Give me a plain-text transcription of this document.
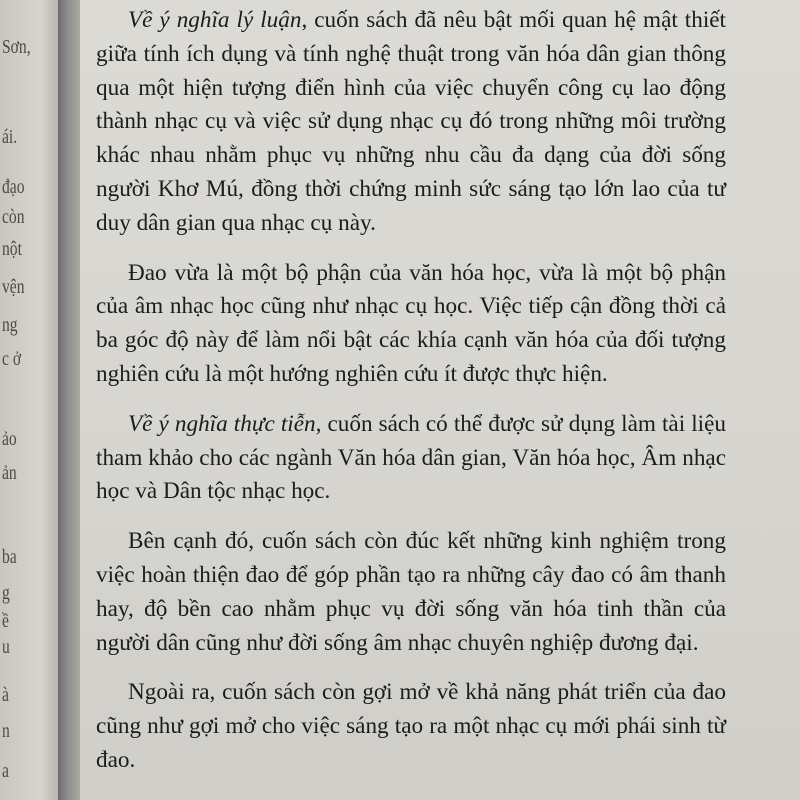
Sơn,
ái.
đạo
còn
nột
vện
ng
c ở
ảo
ản
ba
g
ề
u
à
n
a

Về ý nghĩa lý luận, cuốn sách đã nêu bật mối quan hệ mật thiết giữa tính ích dụng và tính nghệ thuật trong văn hóa dân gian thông qua một hiện tượng điển hình của việc chuyển công cụ lao động thành nhạc cụ và việc sử dụng nhạc cụ đó trong những môi trường khác nhau nhằm phục vụ những nhu cầu đa dạng của đời sống người Khơ Mú, đồng thời chứng minh sức sáng tạo lớn lao của tư duy dân gian qua nhạc cụ này.

Đao vừa là một bộ phận của văn hóa học, vừa là một bộ phận của âm nhạc học cũng như nhạc cụ học. Việc tiếp cận đồng thời cả ba góc độ này để làm nổi bật các khía cạnh văn hóa của đối tượng nghiên cứu là một hướng nghiên cứu ít được thực hiện.

Về ý nghĩa thực tiễn, cuốn sách có thể được sử dụng làm tài liệu tham khảo cho các ngành Văn hóa dân gian, Văn hóa học, Âm nhạc học và Dân tộc nhạc học.

Bên cạnh đó, cuốn sách còn đúc kết những kinh nghiệm trong việc hoàn thiện đao để góp phần tạo ra những cây đao có âm thanh hay, độ bền cao nhằm phục vụ đời sống văn hóa tinh thần của người dân cũng như đời sống âm nhạc chuyên nghiệp đương đại.

Ngoài ra, cuốn sách còn gợi mở về khả năng phát triển của đao cũng như gợi mở cho việc sáng tạo ra một nhạc cụ mới phái sinh từ đao.
